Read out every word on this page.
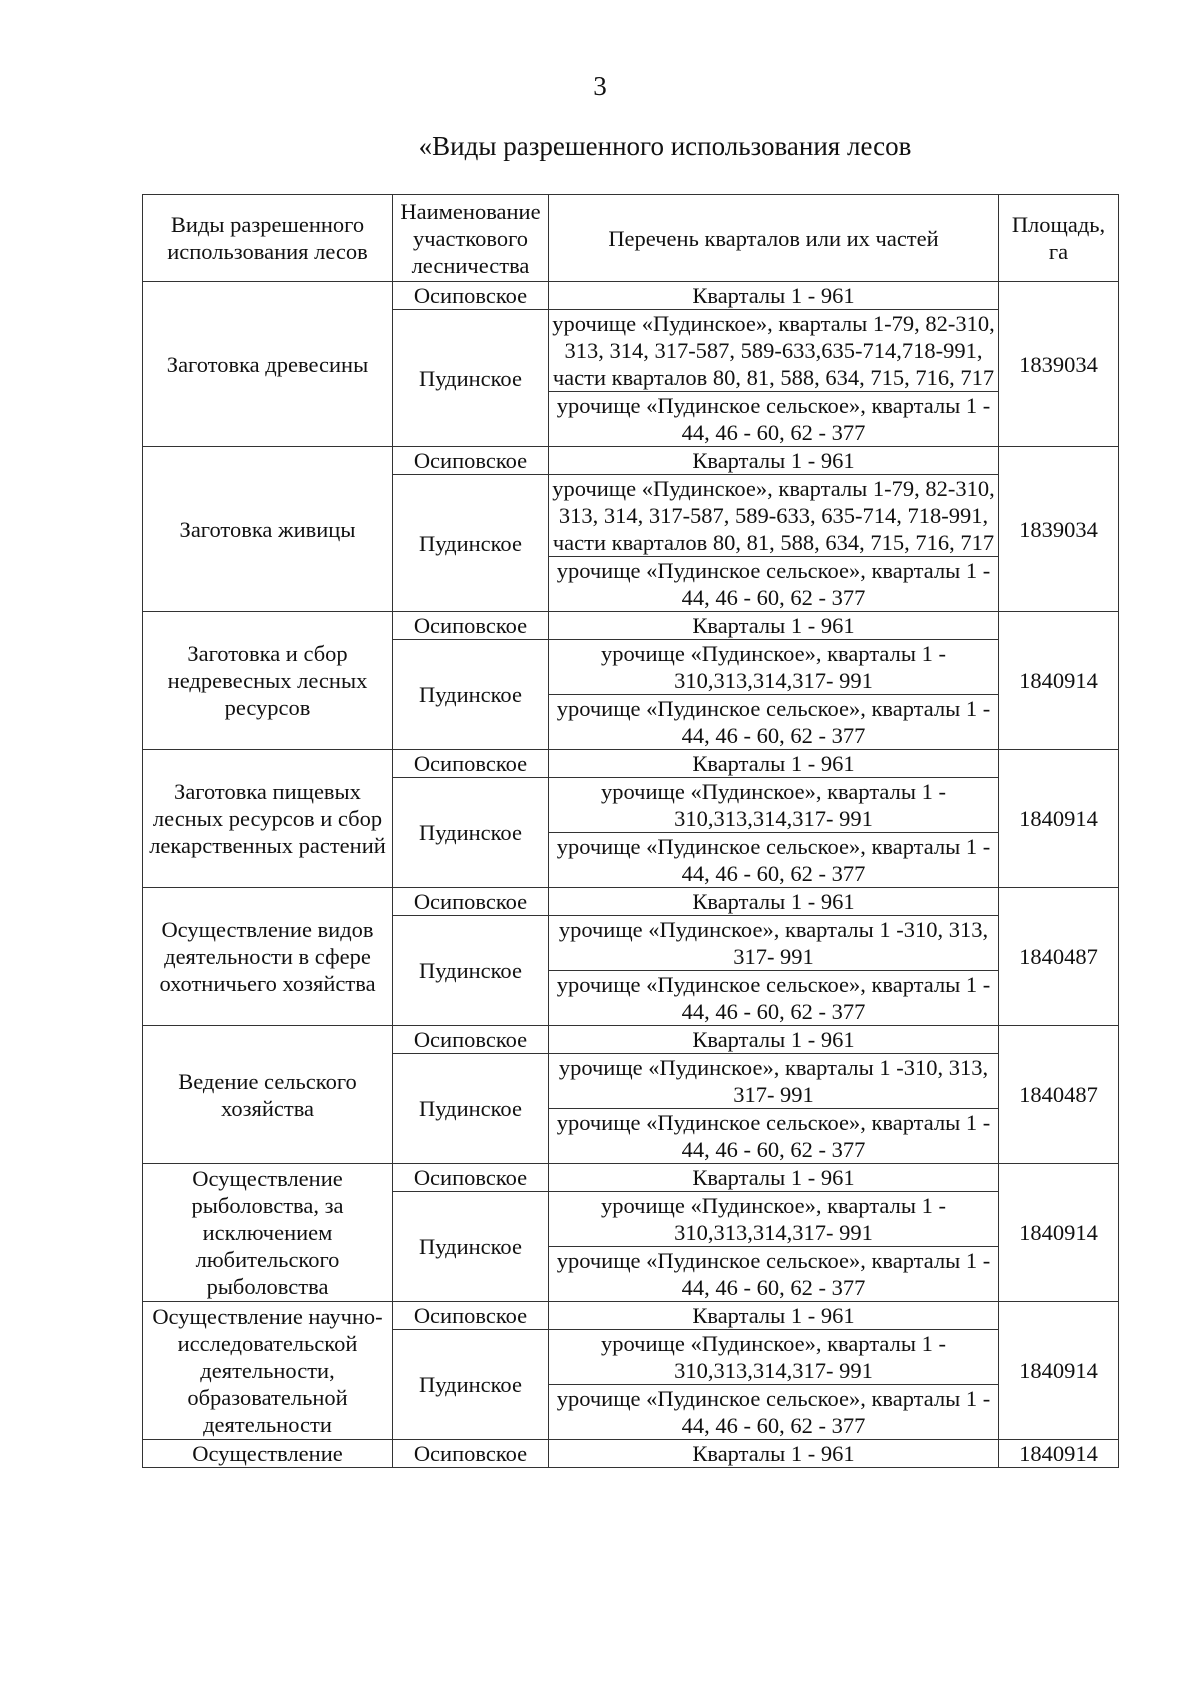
3
«Виды разрешенного использования лесов
Виды разрешенного использования лесов	Наименование участкового лесничества	Перечень кварталов или их частей	Площадь, га
Заготовка древесины	Осиповское	Кварталы 1 - 961	1839034
	Пудинское	урочище «Пудинское», кварталы 1-79, 82-310, 313, 314, 317-587, 589-633,635-714,718-991, части кварталов 80, 81, 588, 634, 715, 716, 717	
		урочище «Пудинское сельское», кварталы 1 - 44, 46 - 60, 62 - 377	
Заготовка живицы	Осиповское	Кварталы 1 - 961	1839034
	Пудинское	урочище «Пудинское», кварталы 1-79, 82-310, 313, 314, 317-587, 589-633, 635-714, 718-991, части кварталов 80, 81, 588, 634, 715, 716, 717	
		урочище «Пудинское сельское», кварталы 1 - 44, 46 - 60, 62 - 377	
Заготовка и сбор недревесных лесных ресурсов	Осиповское	Кварталы 1 - 961	1840914
	Пудинское	урочище «Пудинское», кварталы 1 - 310,313,314,317- 991	
		урочище «Пудинское сельское», кварталы 1 - 44, 46 - 60, 62 - 377	
Заготовка пищевых лесных ресурсов и сбор лекарственных растений	Осиповское	Кварталы 1 - 961	1840914
	Пудинское	урочище «Пудинское», кварталы 1 - 310,313,314,317- 991	
		урочище «Пудинское сельское», кварталы 1 - 44, 46 - 60, 62 - 377	
Осуществление видов деятельности в сфере охотничьего хозяйства	Осиповское	Кварталы 1 - 961	1840487
	Пудинское	урочище «Пудинское», кварталы 1 -310, 313, 317- 991	
		урочище «Пудинское сельское», кварталы 1 - 44, 46 - 60, 62 - 377	
Ведение сельского хозяйства	Осиповское	Кварталы 1 - 961	1840487
	Пудинское	урочище «Пудинское», кварталы 1 -310, 313, 317- 991	
		урочище «Пудинское сельское», кварталы 1 - 44, 46 - 60, 62 - 377	
Осуществление рыболовства, за исключением любительского рыболовства	Осиповское	Кварталы 1 - 961	1840914
	Пудинское	урочище «Пудинское», кварталы 1 - 310,313,314,317- 991	
		урочище «Пудинское сельское», кварталы 1 - 44, 46 - 60, 62 - 377	
Осуществление научно-исследовательской деятельности, образовательной деятельности	Осиповское	Кварталы 1 - 961	1840914
	Пудинское	урочище «Пудинское», кварталы 1 - 310,313,314,317- 991	
		урочище «Пудинское сельское», кварталы 1 - 44, 46 - 60, 62 - 377	
Осуществление	Осиповское	Кварталы 1 - 961	1840914
